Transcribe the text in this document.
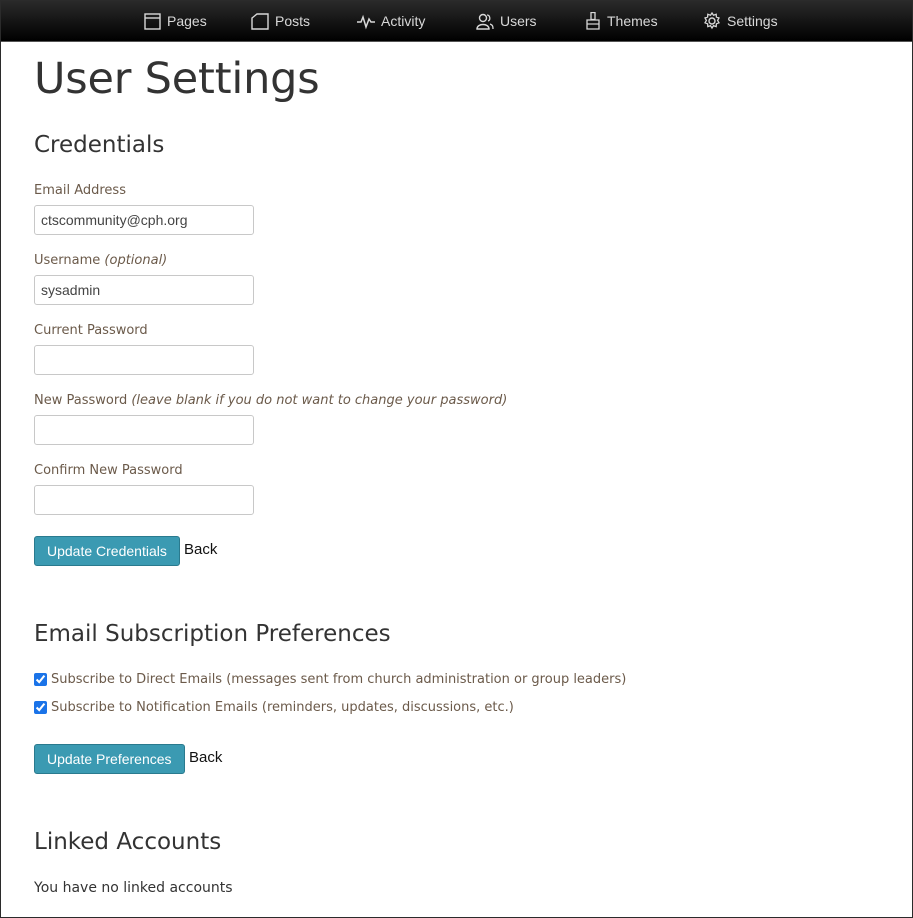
Pages	Posts	Activity	Users	Themes	Settings
User Settings
Credentials
Email Address
ctscommunity@cph.org
Username (optional)
sysadmin
Current Password
New Password (leave blank if you do not want to change your password)
Confirm New Password
Update Credentials	Back
Email Subscription Preferences
Subscribe to Direct Emails (messages sent from church administration or group leaders)
Subscribe to Notification Emails (reminders, updates, discussions, etc.)
Update Preferences	Back
Linked Accounts
You have no linked accounts
